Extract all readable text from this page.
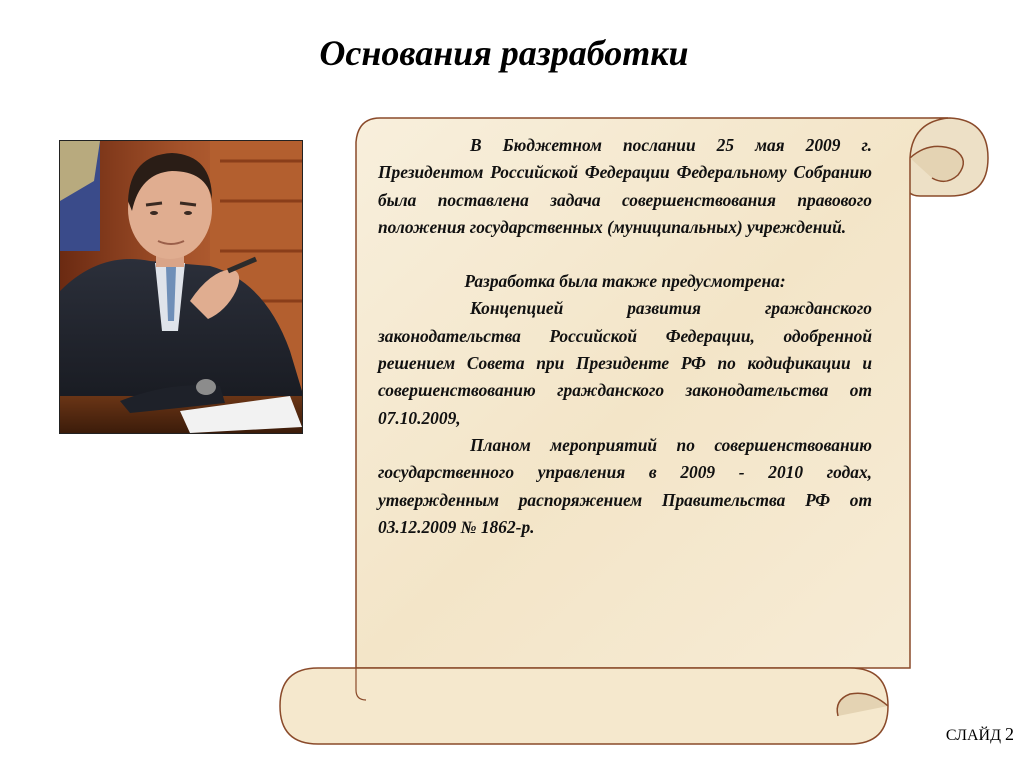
Основания разработки

В Бюджетном послании 25 мая 2009 г. Президентом Российской Федерации Федеральному Собранию была поставлена задача совершенствования правового положения государственных (муниципальных) учреждений.

Разработка была также предусмотрена:

Концепцией развития гражданского законодательства Российской Федерации, одобренной решением Совета при Президенте РФ по кодификации и совершенствованию гражданского законодательства от 07.10.2009,

Планом мероприятий по совершенствованию государственного управления в 2009 - 2010 годах, утвержденным распоряжением Правительства РФ от 03.12.2009 № 1862-р.

СЛАЙД 2
